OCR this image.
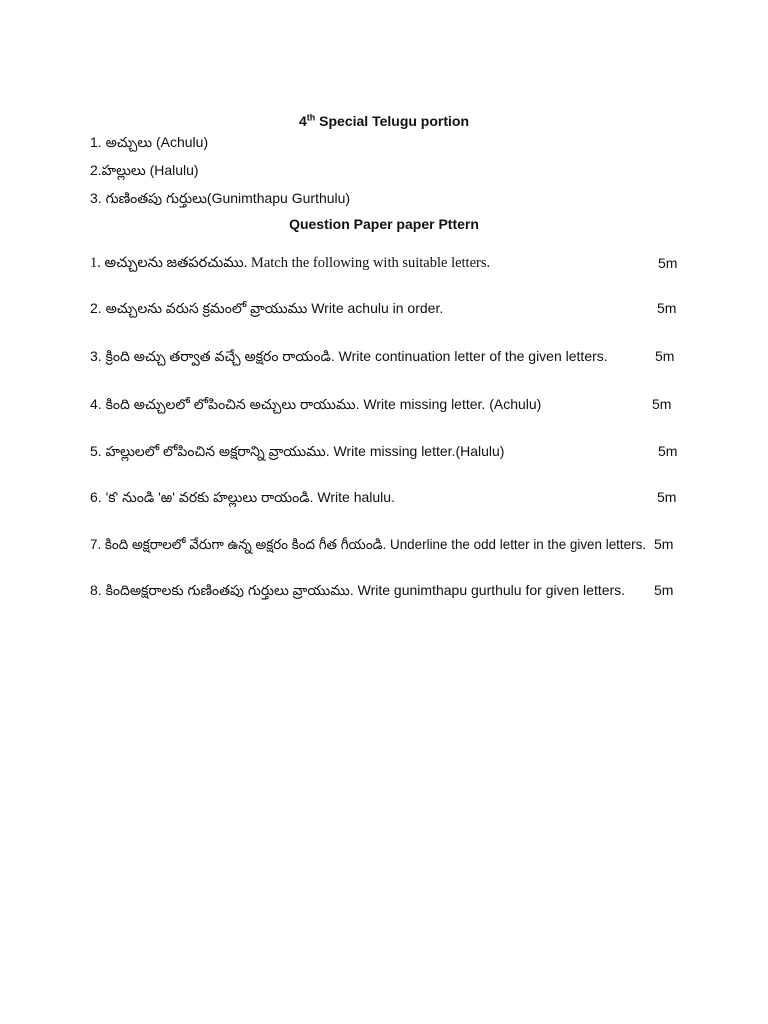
4th Special Telugu portion
1. అచ్చులు (Achulu)
2.హల్లులు (Halulu)
3. గుణింతపు గుర్తులు(Gunimthapu Gurthulu)
Question Paper paper Pttern
1. అచ్చులను జతపరచుము. Match the following with suitable letters.	5m
2. అచ్చులను వరుస క్రమంలో వ్రాయుము Write achulu in order.	5m
3. క్రింది అచ్చు తర్వాత వచ్చే అక్షరం రాయండి. Write continuation letter of the given letters.	5m
4. కింది అచ్చులలో లోపించిన అచ్చులు రాయుము. Write missing letter. (Achulu)	5m
5. హల్లులలో లోపించిన అక్షరాన్ని వ్రాయుము. Write missing letter.(Halulu)	5m
6. 'క' నుండి 'ఱ' వరకు హల్లులు రాయండి. Write halulu.	5m
7. కింది అక్షరాలలో వేరుగా ఉన్న అక్షరం కింద గీత గీయండి. Underline the odd letter in the given letters. 5m
8. కిందిఅక్షరాలకు గుణింతపు గుర్తులు వ్రాయుము. Write gunimthapu gurthulu for given letters. 5m
